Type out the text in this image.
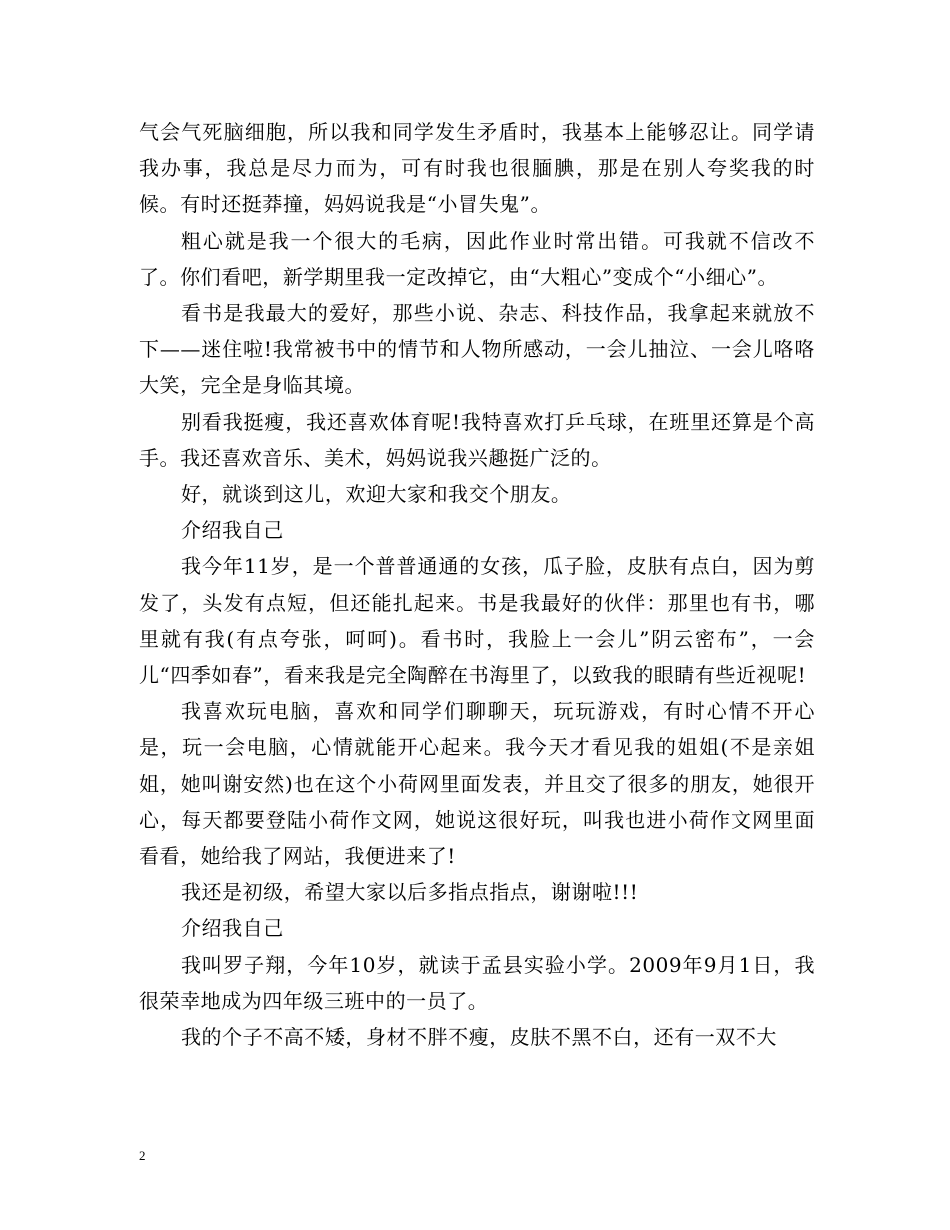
气会气死脑细胞，所以我和同学发生矛盾时，我基本上能够忍让。同学请我办事，我总是尽力而为，可有时我也很腼腆，那是在别人夸奖我的时候。有时还挺莽撞，妈妈说我是“小冒失鬼”。

粗心就是我一个很大的毛病，因此作业时常出错。可我就不信改不了。你们看吧，新学期里我一定改掉它，由“大粗心”变成个“小细心”。

看书是我最大的爱好，那些小说、杂志、科技作品，我拿起来就放不下——迷住啦!我常被书中的情节和人物所感动，一会儿抽泣、一会儿咯咯大笑，完全是身临其境。

别看我挺瘦，我还喜欢体育呢!我特喜欢打乒乓球，在班里还算是个高手。我还喜欢音乐、美术，妈妈说我兴趣挺广泛的。

好，就谈到这儿，欢迎大家和我交个朋友。

介绍我自己

我今年11岁，是一个普普通通的女孩，瓜子脸，皮肤有点白，因为剪发了，头发有点短，但还能扎起来。书是我最好的伙伴：那里也有书，哪里就有我(有点夸张，呵呵)。看书时，我脸上一会儿”阴云密布”，一会儿“四季如春”，看来我是完全陶醉在书海里了，以致我的眼睛有些近视呢!

我喜欢玩电脑，喜欢和同学们聊聊天，玩玩游戏，有时心情不开心是，玩一会电脑，心情就能开心起来。我今天才看见我的姐姐(不是亲姐姐，她叫谢安然)也在这个小荷网里面发表，并且交了很多的朋友，她很开心，每天都要登陆小荷作文网，她说这很好玩，叫我也进小荷作文网里面看看，她给我了网站，我便进来了!

我还是初级，希望大家以后多指点指点，谢谢啦!!!

介绍我自己

我叫罗子翔，今年10岁，就读于孟县实验小学。2009年9月1日，我很荣幸地成为四年级三班中的一员了。

我的个子不高不矮，身材不胖不瘦，皮肤不黑不白，还有一双不大

2
